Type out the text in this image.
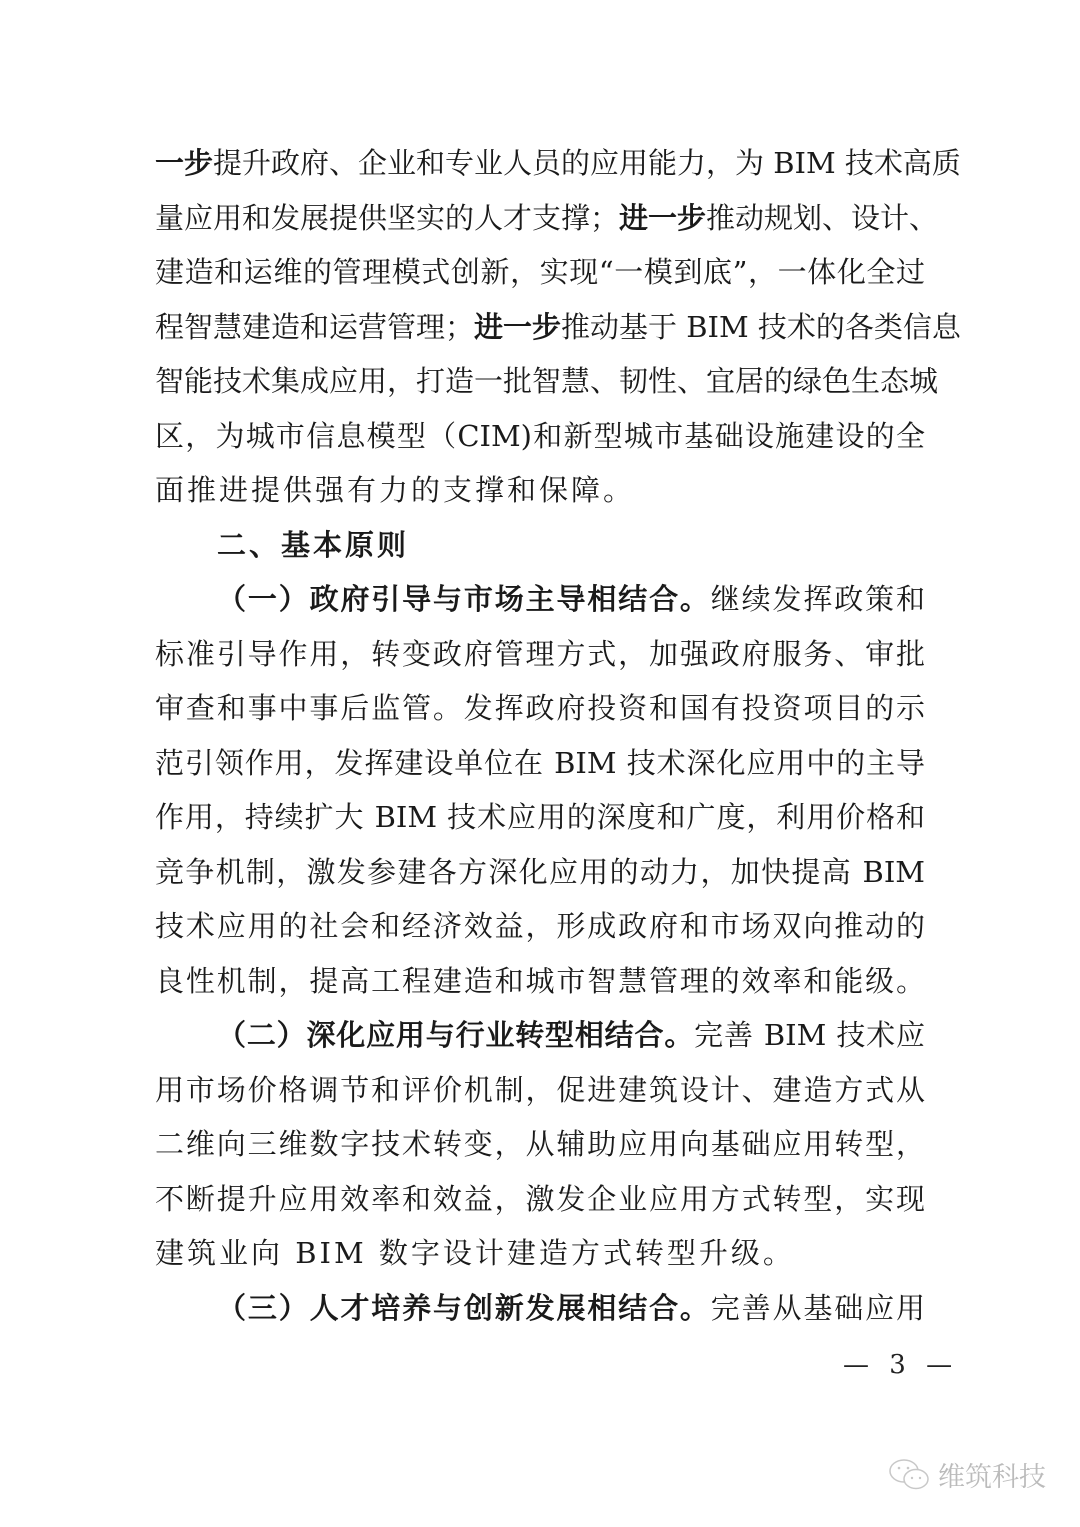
一步提升政府、企业和专业人员的应用能力，为 BIM 技术高质
量应用和发展提供坚实的人才支撑；进一步推动规划、设计、
建造和运维的管理模式创新，实现“一模到底”，一体化全过
程智慧建造和运营管理；进一步推动基于 BIM 技术的各类信息
智能技术集成应用，打造一批智慧、韧性、宜居的绿色生态城
区，为城市信息模型（CIM)和新型城市基础设施建设的全
面推进提供强有力的支撑和保障。
二、基本原则
（一）政府引导与市场主导相结合。继续发挥政策和
标准引导作用，转变政府管理方式，加强政府服务、审批
审查和事中事后监管。发挥政府投资和国有投资项目的示
范引领作用，发挥建设单位在 BIM 技术深化应用中的主导
作用，持续扩大 BIM 技术应用的深度和广度，利用价格和
竞争机制，激发参建各方深化应用的动力，加快提高 BIM
技术应用的社会和经济效益，形成政府和市场双向推动的
良性机制，提高工程建造和城市智慧管理的效率和能级。
（二）深化应用与行业转型相结合。完善 BIM 技术应
用市场价格调节和评价机制，促进建筑设计、建造方式从
二维向三维数字技术转变，从辅助应用向基础应用转型，
不断提升应用效率和效益，激发企业应用方式转型，实现
建筑业向 BIM 数字设计建造方式转型升级。
（三）人才培养与创新发展相结合。完善从基础应用
— 3 —
维筑科技
